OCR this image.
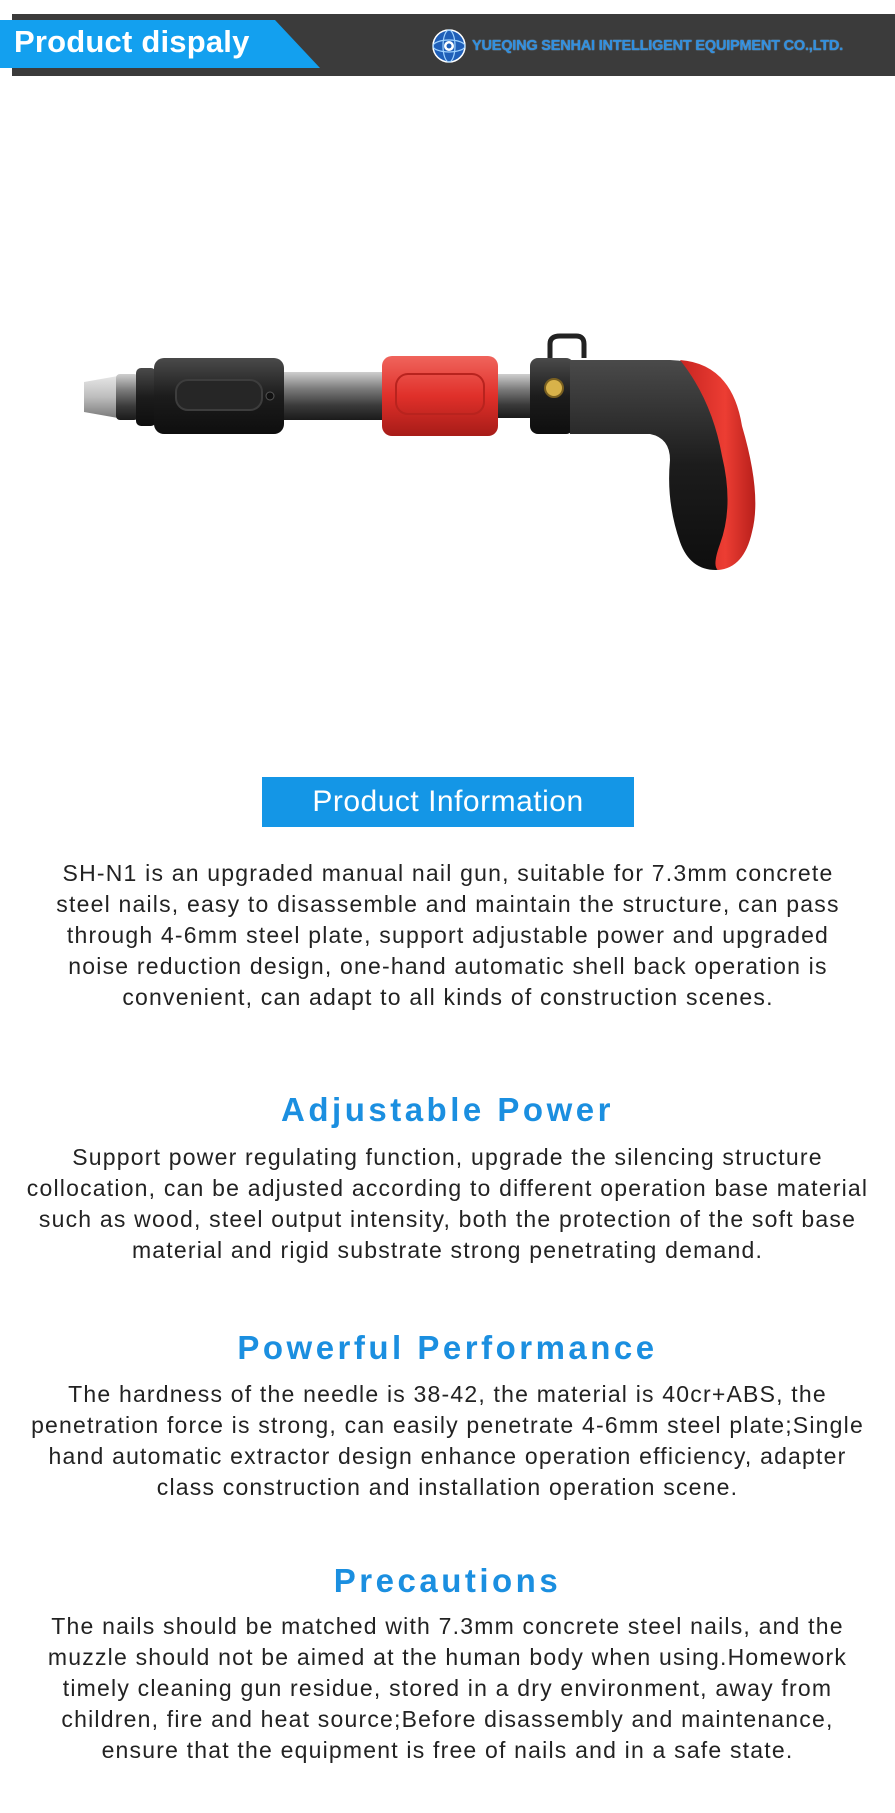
Product dispaly	YUEQING SENHAI INTELLIGENT EQUIPMENT CO.,LTD.
Product Information
SH-N1 is an upgraded manual nail gun, suitable for 7.3mm concrete steel nails, easy to disassemble and maintain the structure, can pass through 4-6mm steel plate, support adjustable power and upgraded noise reduction design, one-hand automatic shell back operation is convenient, can adapt to all kinds of construction scenes.
Adjustable Power
Support power regulating function, upgrade the silencing structure collocation, can be adjusted according to different operation base material such as wood, steel output intensity, both the protection of the soft base material and rigid substrate strong penetrating demand.
Powerful Performance
The hardness of the needle is 38-42, the material is 40cr+ABS, the penetration force is strong, can easily penetrate 4-6mm steel plate;Single hand automatic extractor design enhance operation efficiency, adapter class construction and installation operation scene.
Precautions
The nails should be matched with 7.3mm concrete steel nails, and the muzzle should not be aimed at the human body when using.Homework timely cleaning gun residue, stored in a dry environment, away from children, fire and heat source;Before disassembly and maintenance, ensure that the equipment is free of nails and in a safe state.
